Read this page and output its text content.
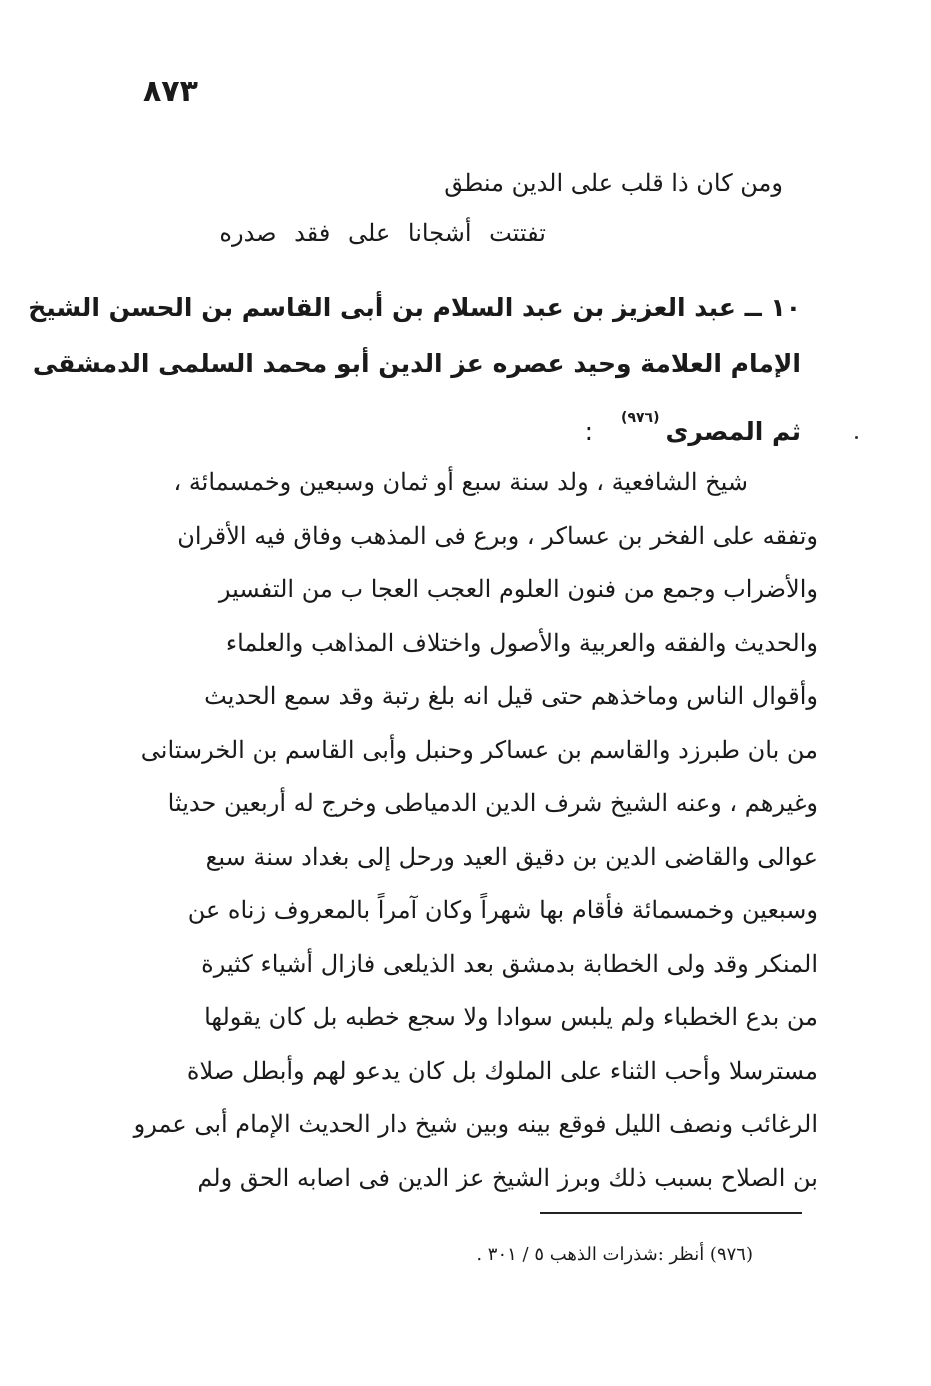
٨٧٣
ومن كان ذا قلب على الدين منطق
تفتتت أشجانا على فقد صدره
١٠ ــ عبد العزيز بن عبد السلام بن أبى القاسم بن الحسن الشيخ
الإمام العلامة وحيد عصره عز الدين أبو محمد السلمى الدمشقى
ثم المصرى$^{(٩٧٦)}$:
شيخ الشافعية ، ولد سنة سبع أو ثمان وسبعين وخمسمائة ،
وتفقه على الفخر بن عساكر ، وبرع فى المذهب وفاق فيه الأقران
والأضراب وجمع من فنون العلوم العجب العجا ب من التفسير
والحديث والفقه والعربية والأصول واختلاف المذاهب والعلماء
وأقوال الناس وماخذهم حتى قيل انه بلغ رتبة وقد سمع الحديث
من بان طبرزد والقاسم بن عساكر وحنبل وأبى القاسم بن الخرستانى
وغيرهم ، وعنه الشيخ شرف الدين الدمياطى وخرج له أربعين حديثا
عوالى والقاضى الدين بن دقيق العيد ورحل إلى بغداد سنة سبع
وسبعين وخمسمائة فأقام بها شهراً وكان آمراً بالمعروف زناه عن
المنكر وقد ولى الخطابة بدمشق بعد الذيلعى فازال أشياء كثيرة
من بدع الخطباء ولم يلبس سوادا ولا سجع خطبه بل كان يقولها
مسترسلا وأحب الثناء على الملوك بل كان يدعو لهم وأبطل صلاة
الرغائب ونصف الليل فوقع بينه وبين شيخ دار الحديث الإمام أبى عمرو
بن الصلاح بسبب ذلك وبرز الشيخ عز الدين فى اصابه الحق ولم
(٩٧٦) أنظر :شذرات الذهب ٥ / ٣٠١ .
